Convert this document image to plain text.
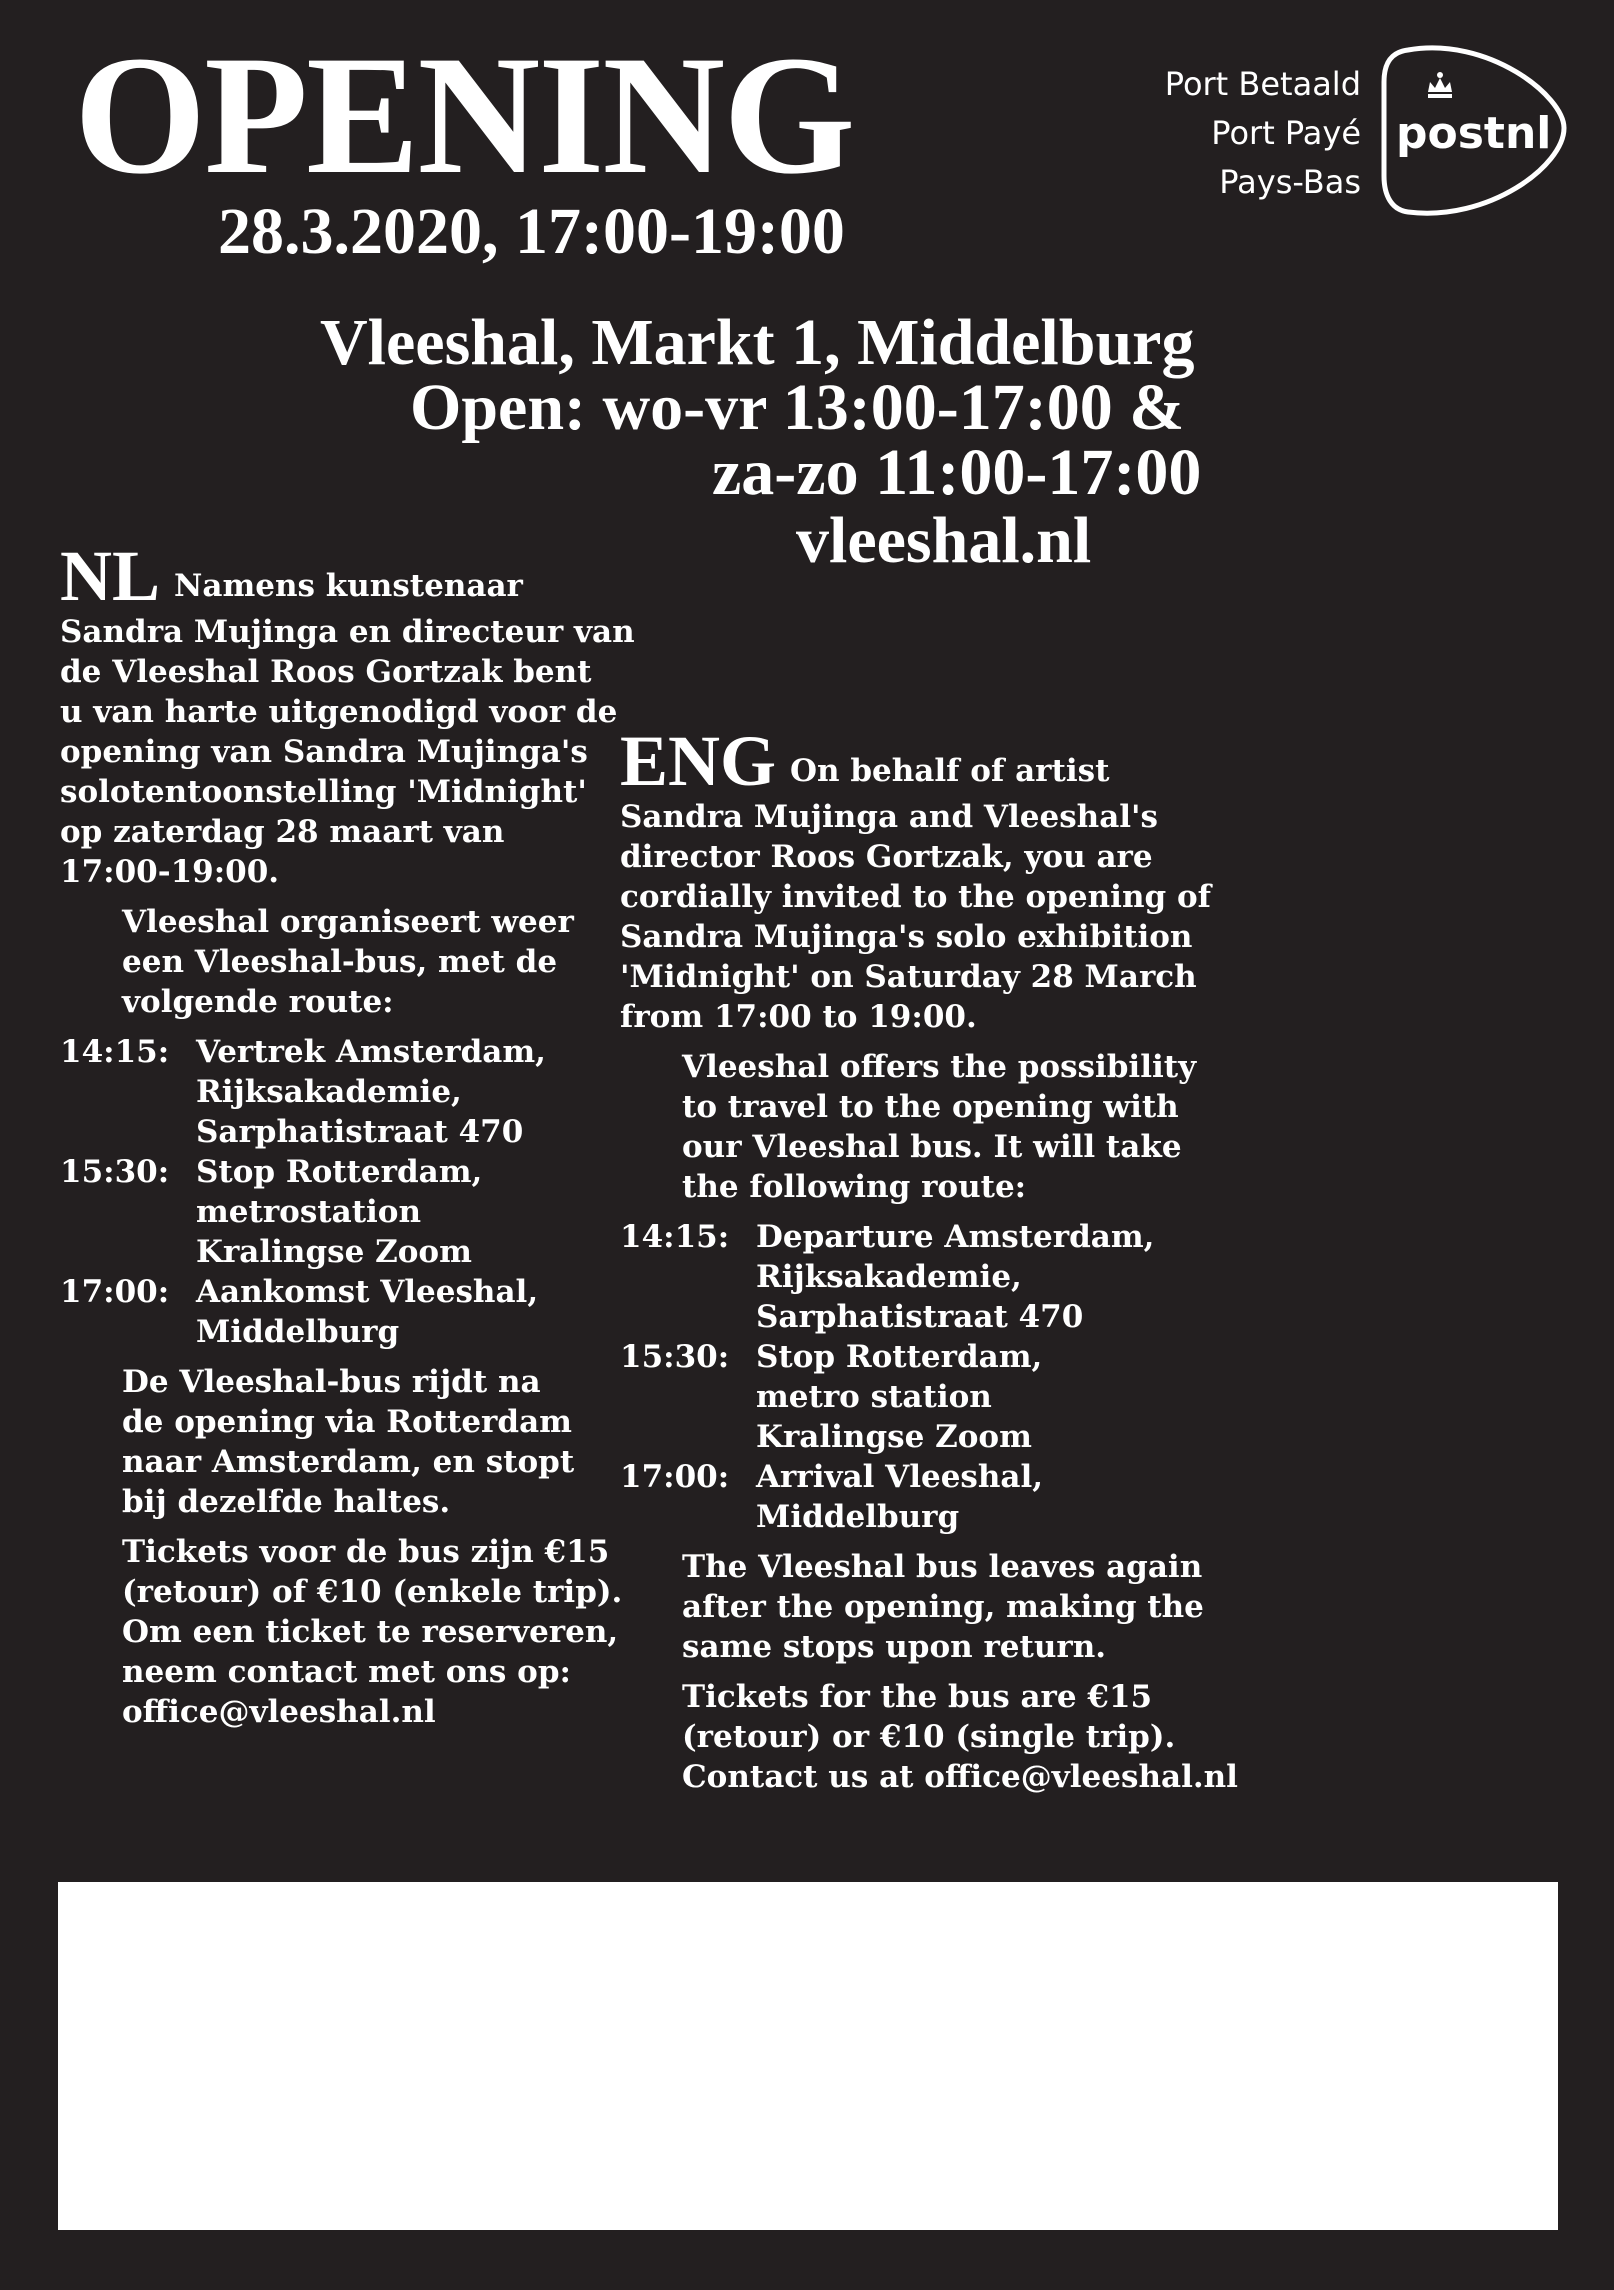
OPENING
28.3.2020, 17:00-19:00
Vleeshal, Markt 1, Middelburg
Open: wo-vr 13:00-17:00 &
za-zo 11:00-17:00
vleeshal.nl
Port Betaald
Port Payé
Pays-Bas
postnl

NL Namens kunstenaar

Sandra Mujinga en directeur van

de Vleeshal Roos Gortzak bent

u van harte uitgenodigd voor de

opening van Sandra Mujinga's

solotentoonstelling 'Midnight'

op zaterdag 28 maart van

17:00-19:00.

Vleeshal organiseert weer

een Vleeshal-bus, met de

volgende route:

14:15: Vertrek Amsterdam,
Rijksakademie,
Sarphatistraat 470
15:30: Stop Rotterdam,
metrostation
Kralingse Zoom
17:00: Aankomst Vleeshal,
Middelburg

De Vleeshal-bus rijdt na

de opening via Rotterdam

naar Amsterdam, en stopt

bij dezelfde haltes.

Tickets voor de bus zijn €15

(retour) of €10 (enkele trip).

Om een ticket te reserveren,

neem contact met ons op:

office@vleeshal.nl

ENG On behalf of artist

Sandra Mujinga and Vleeshal's

director Roos Gortzak, you are

cordially invited to the opening of

Sandra Mujinga's solo exhibition

'Midnight' on Saturday 28 March

from 17:00 to 19:00.

Vleeshal offers the possibility

to travel to the opening with

our Vleeshal bus. It will take

the following route:

14:15: Departure Amsterdam,
Rijksakademie,
Sarphatistraat 470
15:30: Stop Rotterdam,
metro station
Kralingse Zoom
17:00: Arrival Vleeshal,
Middelburg

The Vleeshal bus leaves again

after the opening, making the

same stops upon return.

Tickets for the bus are €15

(retour) or €10 (single trip).

Contact us at office@vleeshal.nl
